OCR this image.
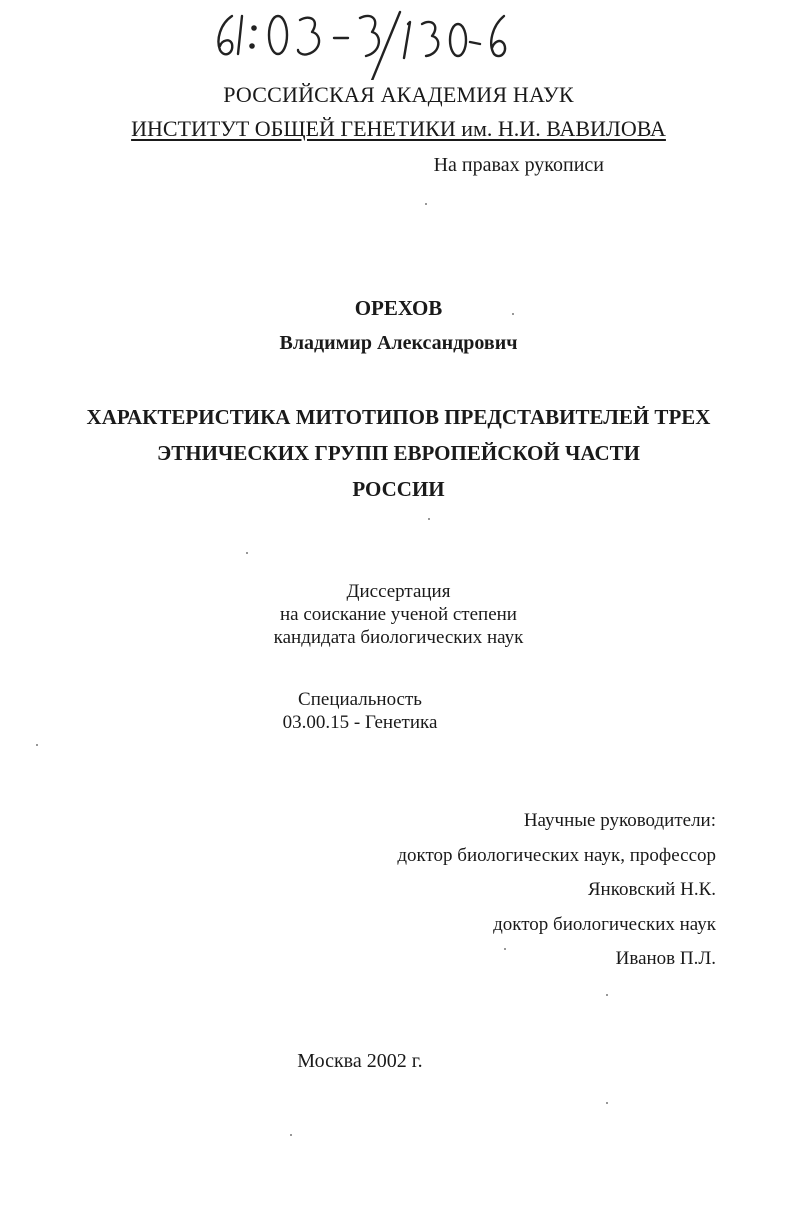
РОССИЙСКАЯ АКАДЕМИЯ НАУК
ИНСТИТУТ ОБЩЕЙ ГЕНЕТИКИ им. Н.И. ВАВИЛОВА
На правах рукописи
ОРЕХОВ
Владимир Александрович
ХАРАКТЕРИСТИКА МИТОТИПОВ ПРЕДСТАВИТЕЛЕЙ ТРЕХ
ЭТНИЧЕСКИХ ГРУПП ЕВРОПЕЙСКОЙ ЧАСТИ
РОССИИ
Диссертация
на соискание ученой степени
кандидата биологических наук
Специальность
03.00.15 - Генетика
Научные руководители:
доктор биологических наук, профессор
Янковский Н.К.
доктор биологических наук
Иванов П.Л.
Москва 2002 г.
